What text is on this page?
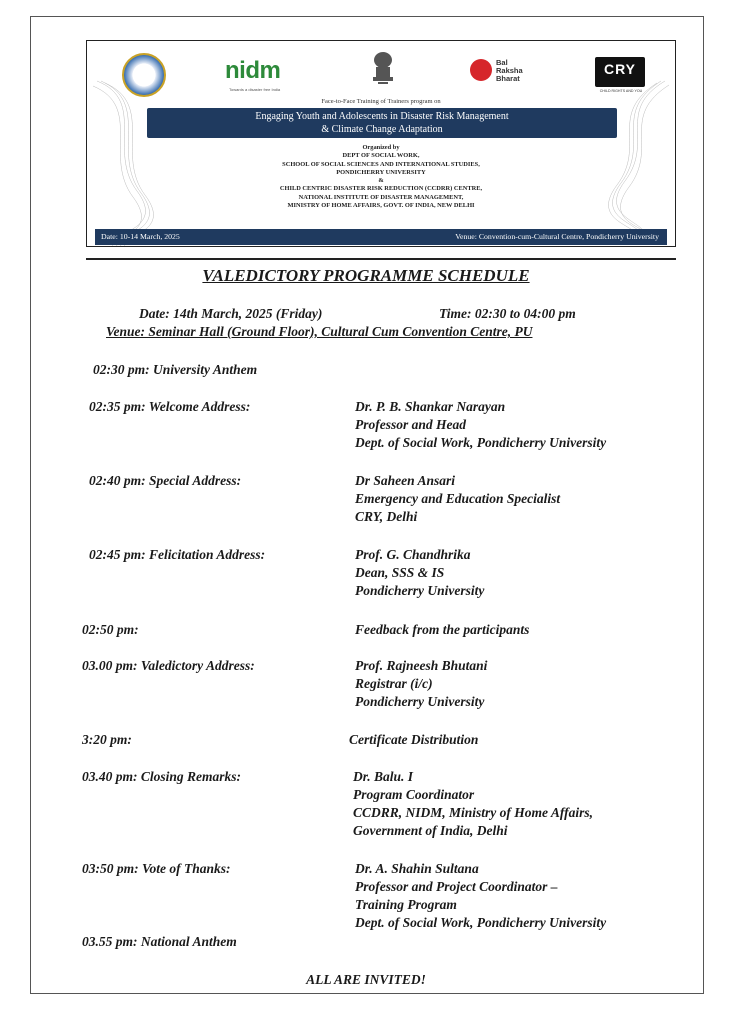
nidm
Towards a disaster free India
Bal
Raksha
Bharat
CRY
CHILD RIGHTS AND YOU
Face-to-Face Training of Trainers program on
Engaging Youth and Adolescents in Disaster Risk Management
& Climate Change Adaptation
Organized by
DEPT OF SOCIAL WORK,
SCHOOL OF SOCIAL SCIENCES AND INTERNATIONAL STUDIES,
PONDICHERRY UNIVERSITY
&
CHILD CENTRIC DISASTER RISK REDUCTION (CCDRR) CENTRE,
NATIONAL INSTITUTE OF DISASTER MANAGEMENT,
MINISTRY OF HOME AFFAIRS, GOVT. OF INDIA, NEW DELHI
Date: 10-14 March, 2025	Venue: Convention-cum-Cultural Centre, Pondicherry University
VALEDICTORY PROGRAMME SCHEDULE
Date: 14th March, 2025 (Friday)	Time: 02:30 to 04:00 pm
Venue: Seminar Hall (Ground Floor), Cultural Cum Convention Centre, PU
02:30 pm: University Anthem
02:35 pm: Welcome Address:	Dr. P. B. Shankar Narayan
Professor and Head
Dept. of Social Work, Pondicherry University
02:40 pm: Special Address:	Dr Saheen Ansari
Emergency and Education Specialist
CRY, Delhi
02:45 pm: Felicitation Address:	Prof. G. Chandhrika
Dean, SSS & IS
Pondicherry University
02:50 pm:	Feedback from the participants
03.00 pm: Valedictory Address:	Prof. Rajneesh Bhutani
Registrar (i/c)
Pondicherry University
3:20 pm:	Certificate Distribution
03.40 pm: Closing Remarks:	Dr. Balu. I
Program Coordinator
CCDRR, NIDM, Ministry of Home Affairs,
Government of India, Delhi
03:50 pm: Vote of Thanks:	Dr. A. Shahin Sultana
Professor and Project Coordinator –
Training Program
Dept. of Social Work, Pondicherry University
03.55 pm: National Anthem
ALL ARE INVITED!
